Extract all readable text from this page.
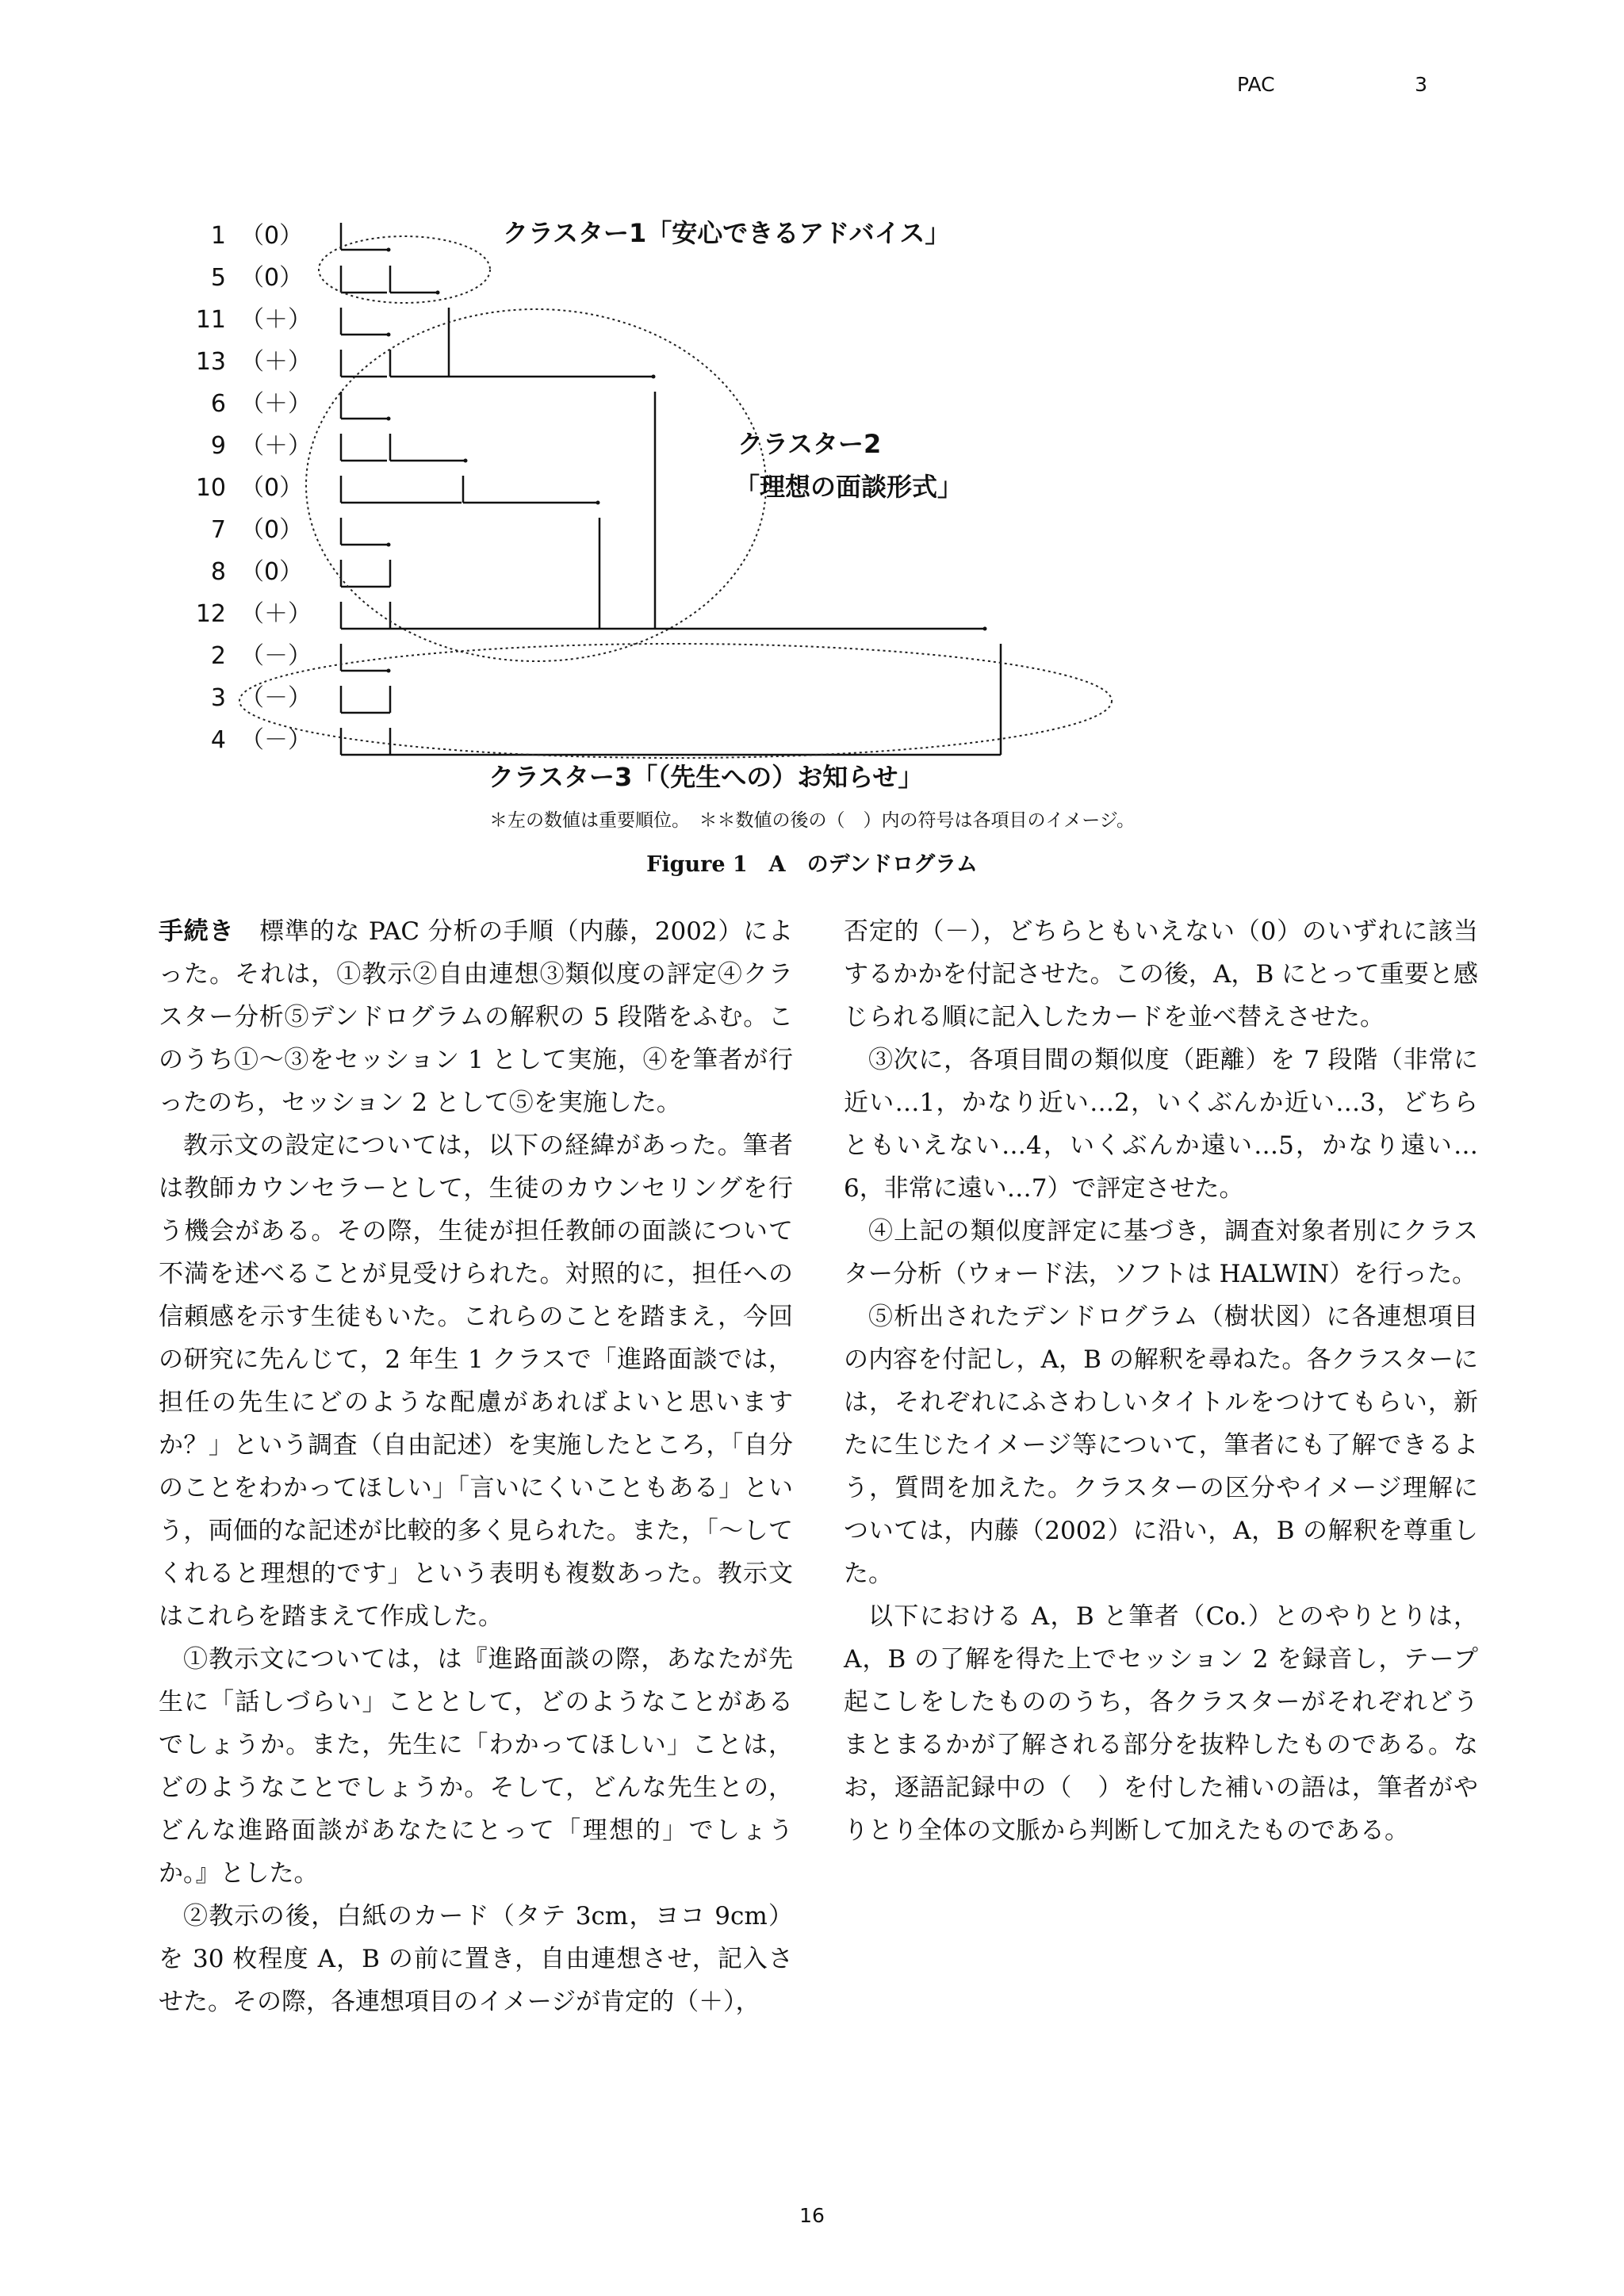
PAC	3
1 （0）
5 （0）
11 （＋）
13 （＋）
6 （＋）
9 （＋）
10 （0）
7 （0）
8 （0）
12 （＋）
2 （－）
3 （－）
4 （－）
クラスター1「安心できるアドバイス」
クラスター2
「理想の面談形式」
クラスター3「（先生への）お知らせ」
＊左の数値は重要順位。　＊＊数値の後の（　）内の符号は各項目のイメージ。
Figure 1　A　のデンドログラム

手続き　標準的な PAC 分析の手順（内藤，2002）によった。それは，①教示②自由連想③類似度の評定④クラスター分析⑤デンドログラムの解釈の 5 段階をふむ。このうち①～③をセッション 1 として実施，④を筆者が行ったのち，セッション 2 として⑤を実施した。

教示文の設定については，以下の経緯があった。筆者は教師カウンセラーとして，生徒のカウンセリングを行う機会がある。その際，生徒が担任教師の面談について不満を述べることが見受けられた。対照的に，担任への信頼感を示す生徒もいた。これらのことを踏まえ，今回の研究に先んじて，2 年生 1 クラスで「進路面談では，担任の先生にどのような配慮があればよいと思いますか？」という調査（自由記述）を実施したところ，「自分のことをわかってほしい」「言いにくいこともある」という，両価的な記述が比較的多く見られた。また，「～してくれると理想的です」という表明も複数あった。教示文はこれらを踏まえて作成した。

①教示文については，は『進路面談の際，あなたが先生に「話しづらい」こととして，どのようなことがあるでしょうか。また，先生に「わかってほしい」ことは，どのようなことでしょうか。そして，どんな先生との，どんな進路面談があなたにとって「理想的」でしょうか。』とした。

②教示の後，白紙のカード（タテ 3cm，ヨコ 9cm）を 30 枚程度 A，B の前に置き，自由連想させ，記入させた。その際，各連想項目のイメージが肯定的（＋），

否定的（－），どちらともいえない（0）のいずれに該当するかかを付記させた。この後，A，B にとって重要と感じられる順に記入したカードを並べ替えさせた。

③次に，各項目間の類似度（距離）を 7 段階（非常に近い…1，かなり近い…2，いくぶんか近い…3，どちらともいえない…4，いくぶんか遠い…5，かなり遠い…6，非常に遠い…7）で評定させた。

④上記の類似度評定に基づき，調査対象者別にクラスター分析（ウォード法，ソフトは HALWIN）を行った。

⑤析出されたデンドログラム（樹状図）に各連想項目の内容を付記し，A，B の解釈を尋ねた。各クラスターには，それぞれにふさわしいタイトルをつけてもらい，新たに生じたイメージ等について，筆者にも了解できるよう，質問を加えた。クラスターの区分やイメージ理解については，内藤（2002）に沿い，A，B の解釈を尊重した。

以下における A，B と筆者（Co.）とのやりとりは，A，B の了解を得た上でセッション 2 を録音し，テープ起こしをしたもののうち，各クラスターがそれぞれどうまとまるかが了解される部分を抜粋したものである。なお，逐語記録中の（　）を付した補いの語は，筆者がやりとり全体の文脈から判断して加えたものである。

16
